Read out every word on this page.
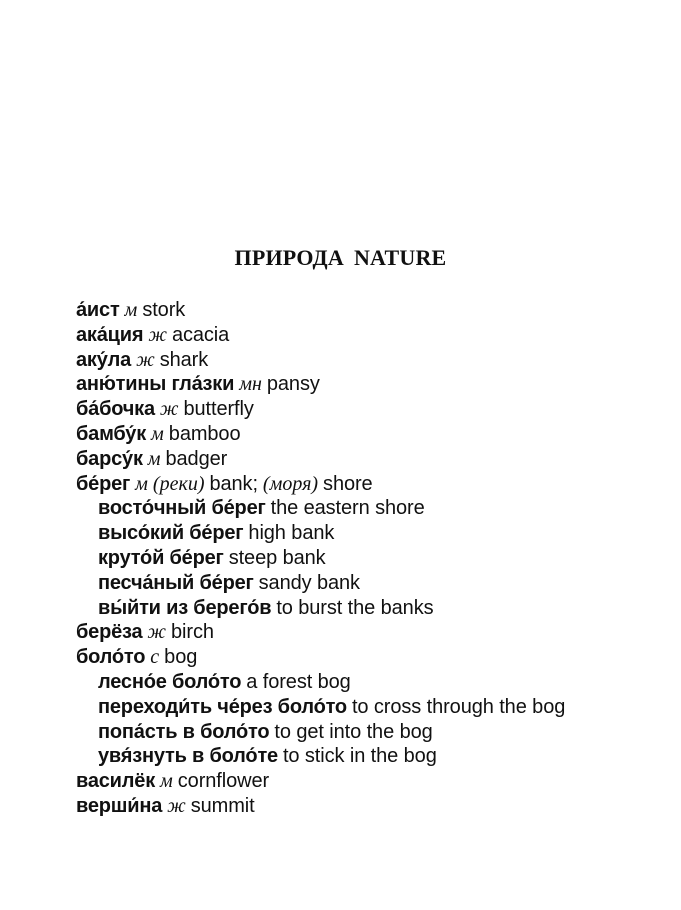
ПРИРОДА NATURE
а́ист м stork
ака́ция ж acacia
аку́ла ж shark
аню́тины гла́зки мн pansy
ба́бочка ж butterfly
бамбу́к м bamboo
барсу́к м badger
бе́рег м (реки) bank; (моря) shore
восто́чный бе́рег the eastern shore
высо́кий бе́рег high bank
круто́й бе́рег steep bank
песча́ный бе́рег sandy bank
вы́йти из берего́в to burst the banks
берёза ж birch
боло́то с bog
лесно́е боло́то a forest bog
переходи́ть че́рез боло́то to cross through the bog
попа́сть в боло́то to get into the bog
увя́знуть в боло́те to stick in the bog
василёк м cornflower
верши́на ж summit
